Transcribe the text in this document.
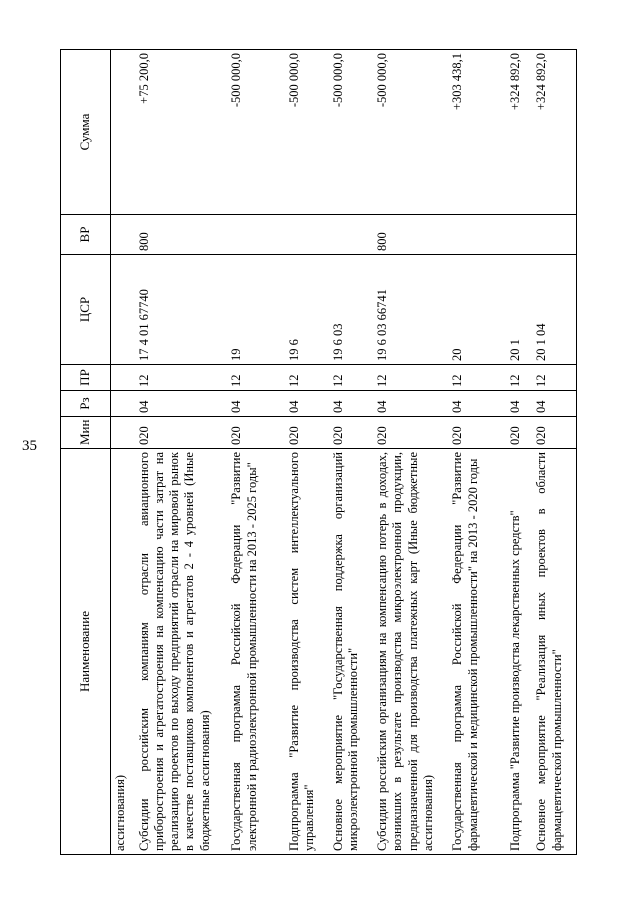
35
Наименование	Мин	Рз	ПР	ЦСР	ВР	Сумма
ассигнования)						
Субсидии российским компаниям отрасли авиационного приборостроения и агрегатостроения на компенсацию части затрат на реализацию проектов по выходу предприятий отрасли на мировой рынок в качестве поставщиков компонентов и агрегатов 2 - 4 уровней (Иные бюджетные ассигнования)	020	04	12	17 4 01 67740	800	+75 200,0
Государственная программа Российской Федерации "Развитие электронной и радиоэлектронной промышленности на 2013 - 2025 годы"	020	04	12	19		-500 000,0
Подпрограмма "Развитие производства систем интеллектуального управления"	020	04	12	19 6		-500 000,0
Основное мероприятие "Государственная поддержка организаций микроэлектронной промышленности"	020	04	12	19 6 03		-500 000,0
Субсидии российским организациям на компенсацию потерь в доходах, возникших в результате производства микроэлектронной продукции, предназначенной для производства платежных карт (Иные бюджетные ассигнования)	020	04	12	19 6 03 66741	800	-500 000,0
Государственная программа Российской Федерации "Развитие фармацевтической и медицинской промышленности" на 2013 - 2020 годы	020	04	12	20		+303 438,1
Подпрограмма "Развитие производства лекарственных средств"	020	04	12	20 1		+324 892,0
Основное мероприятие "Реализация иных проектов в области фармацевтической промышленности"	020	04	12	20 1 04		+324 892,0
